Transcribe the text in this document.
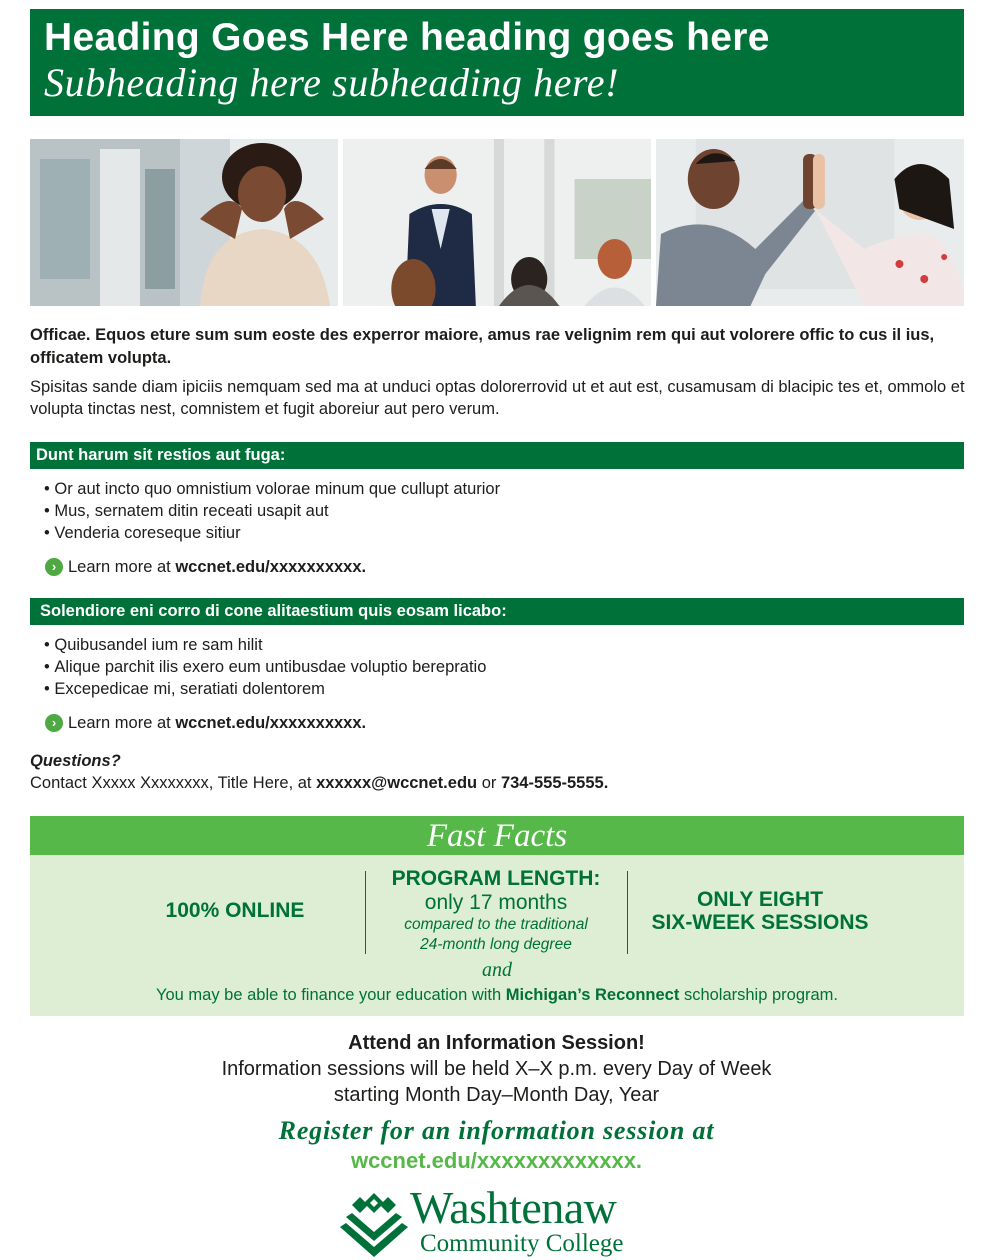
Heading Goes Here heading goes here
Subheading here subheading here!

Officae. Equos eture sum sum eoste des experror maiore, amus rae velignim rem qui aut volorere offic to cus il ius, officatem volupta.

Spisitas sande diam ipiciis nemquam sed ma at unduci optas dolorerrovid ut et aut est, cusamusam di blacipic tes et, ommolo et volupta tinctas nest, comnistem et fugit aboreiur aut pero verum.

Dunt harum sit restios aut fuga:
• Or aut incto quo omnistium volorae minum que cullupt aturior
• Mus, sernatem ditin receati usapit aut
• Venderia coreseque sitiur
› Learn more at
wccnet.edu/xxxxxxxxxx.
Solendiore eni corro di cone alitaestium quis eosam licabo:
• Quibusandel ium re sam hilit
• Alique parchit ilis exero eum untibusdae voluptio berepratio
• Excepedicae mi, seratiati dolentorem
› Learn more at
wccnet.edu/xxxxxxxxxx.
Questions?
Contact Xxxxx Xxxxxxxx, Title Here, at xxxxxx@wccnet.edu or 734-555-5555.
Fast Facts
100% ONLINE
PROGRAM LENGTH:
only 17 months
compared to the traditional
24-month long degree
ONLY EIGHT
SIX-WEEK SESSIONS
and
You may be able to finance your education with Michigan’s Reconnect scholarship program.
Attend an Information Session!
Information sessions will be held X–X p.m. every Day of Week
starting Month Day–Month Day, Year
Register for an information session at
wccnet.edu/xxxxxxxxxxxxx.
Washtenaw
Community College
